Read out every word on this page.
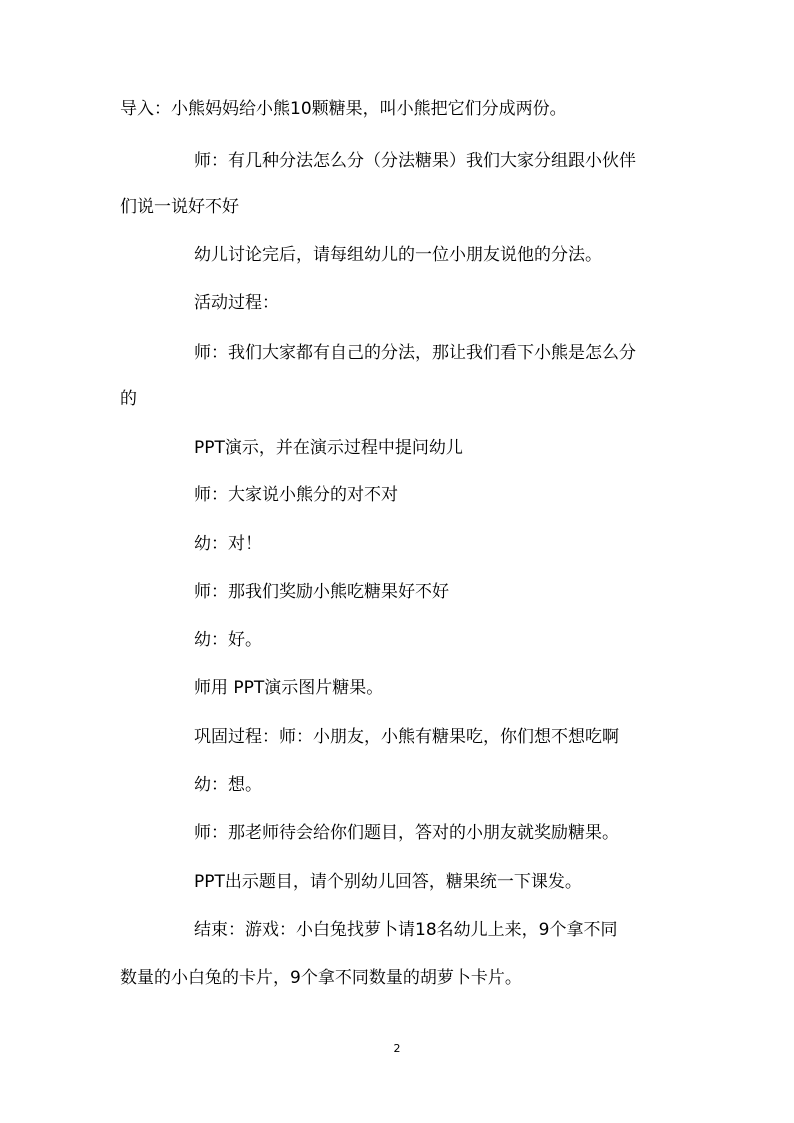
导入：小熊妈妈给小熊10颗糖果，叫小熊把它们分成两份。
师：有几种分法怎么分（分法糖果）我们大家分组跟小伙伴
们说一说好不好
幼儿讨论完后，请每组幼儿的一位小朋友说他的分法。
活动过程：
师：我们大家都有自己的分法，那让我们看下小熊是怎么分
的
PPT演示，并在演示过程中提问幼儿
师：大家说小熊分的对不对
幼：对！
师：那我们奖励小熊吃糖果好不好
幼：好。
师用 PPT演示图片糖果。
巩固过程：师：小朋友，小熊有糖果吃，你们想不想吃啊
幼：想。
师：那老师待会给你们题目，答对的小朋友就奖励糖果。
PPT出示题目，请个别幼儿回答，糖果统一下课发。
结束：游戏：小白兔找萝卜请18名幼儿上来，9个拿不同
数量的小白兔的卡片，9个拿不同数量的胡萝卜卡片。
2
